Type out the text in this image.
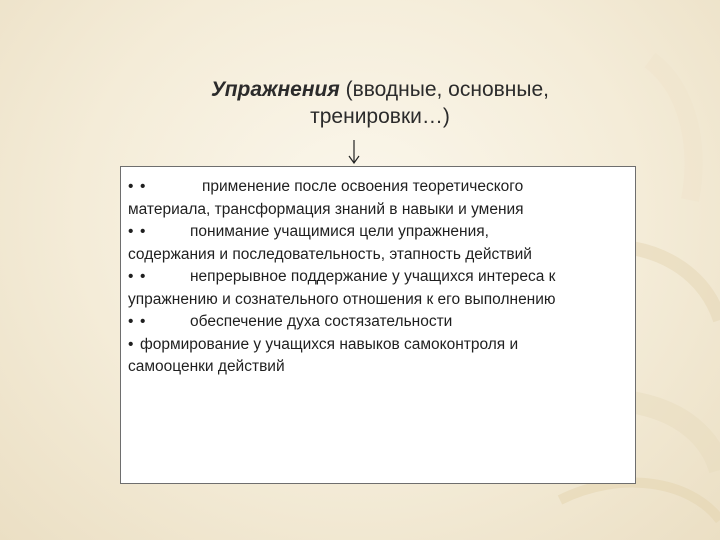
Упражнения (вводные, основные,
тренировки…)
• •	применение после освоения теоретического
материала, трансформация знаний в навыки и умения
• •	понимание учащимися цели упражнения,
содержания и последовательность, этапность действий
• •	непрерывное поддержание у учащихся интереса к
упражнению и сознательного отношения к его выполнению
• •	обеспечение духа состязательности
• формирование у учащихся навыков самоконтроля и
самооценки действий
